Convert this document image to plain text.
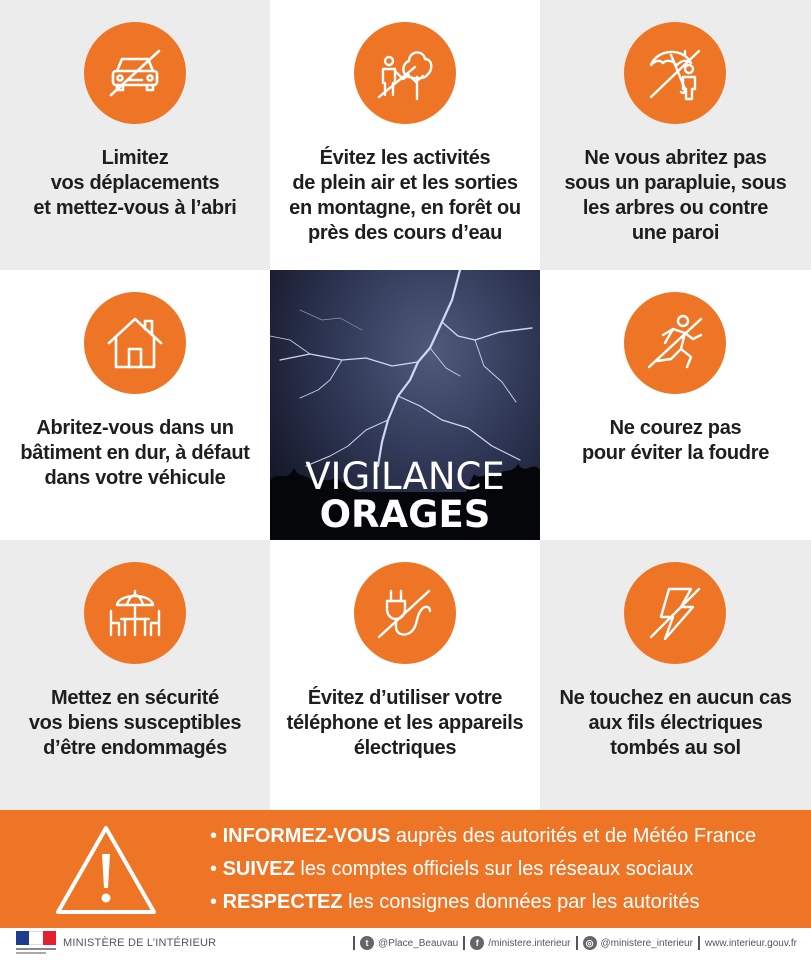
Limitez
vos déplacements
et mettez-vous à l’abri
Évitez les activités
de plein air et les sorties
en montagne, en forêt ou
près des cours d’eau
Ne vous abritez pas
sous un parapluie, sous
les arbres ou contre
une paroi
Abritez-vous dans un
bâtiment en dur, à défaut
dans votre véhicule	VIGILANCE
ORAGES
Ne courez pas
pour éviter la foudre
Mettez en sécurité
vos biens susceptibles
d’être endommagés
Évitez d’utiliser votre
téléphone et les appareils
électriques
Ne touchez en aucun cas
aux fils électriques
tombés au sol
• INFORMEZ-VOUS auprès des autorités et de Météo France
• SUIVEZ les comptes officiels sur les réseaux sociaux
• RESPECTEZ les consignes données par les autorités
MINISTÈRE DE L’INTÉRIEUR	t @Place_Beauvau	f /ministere.interieur	◎ @ministere_interieur www.interieur.gouv.fr
